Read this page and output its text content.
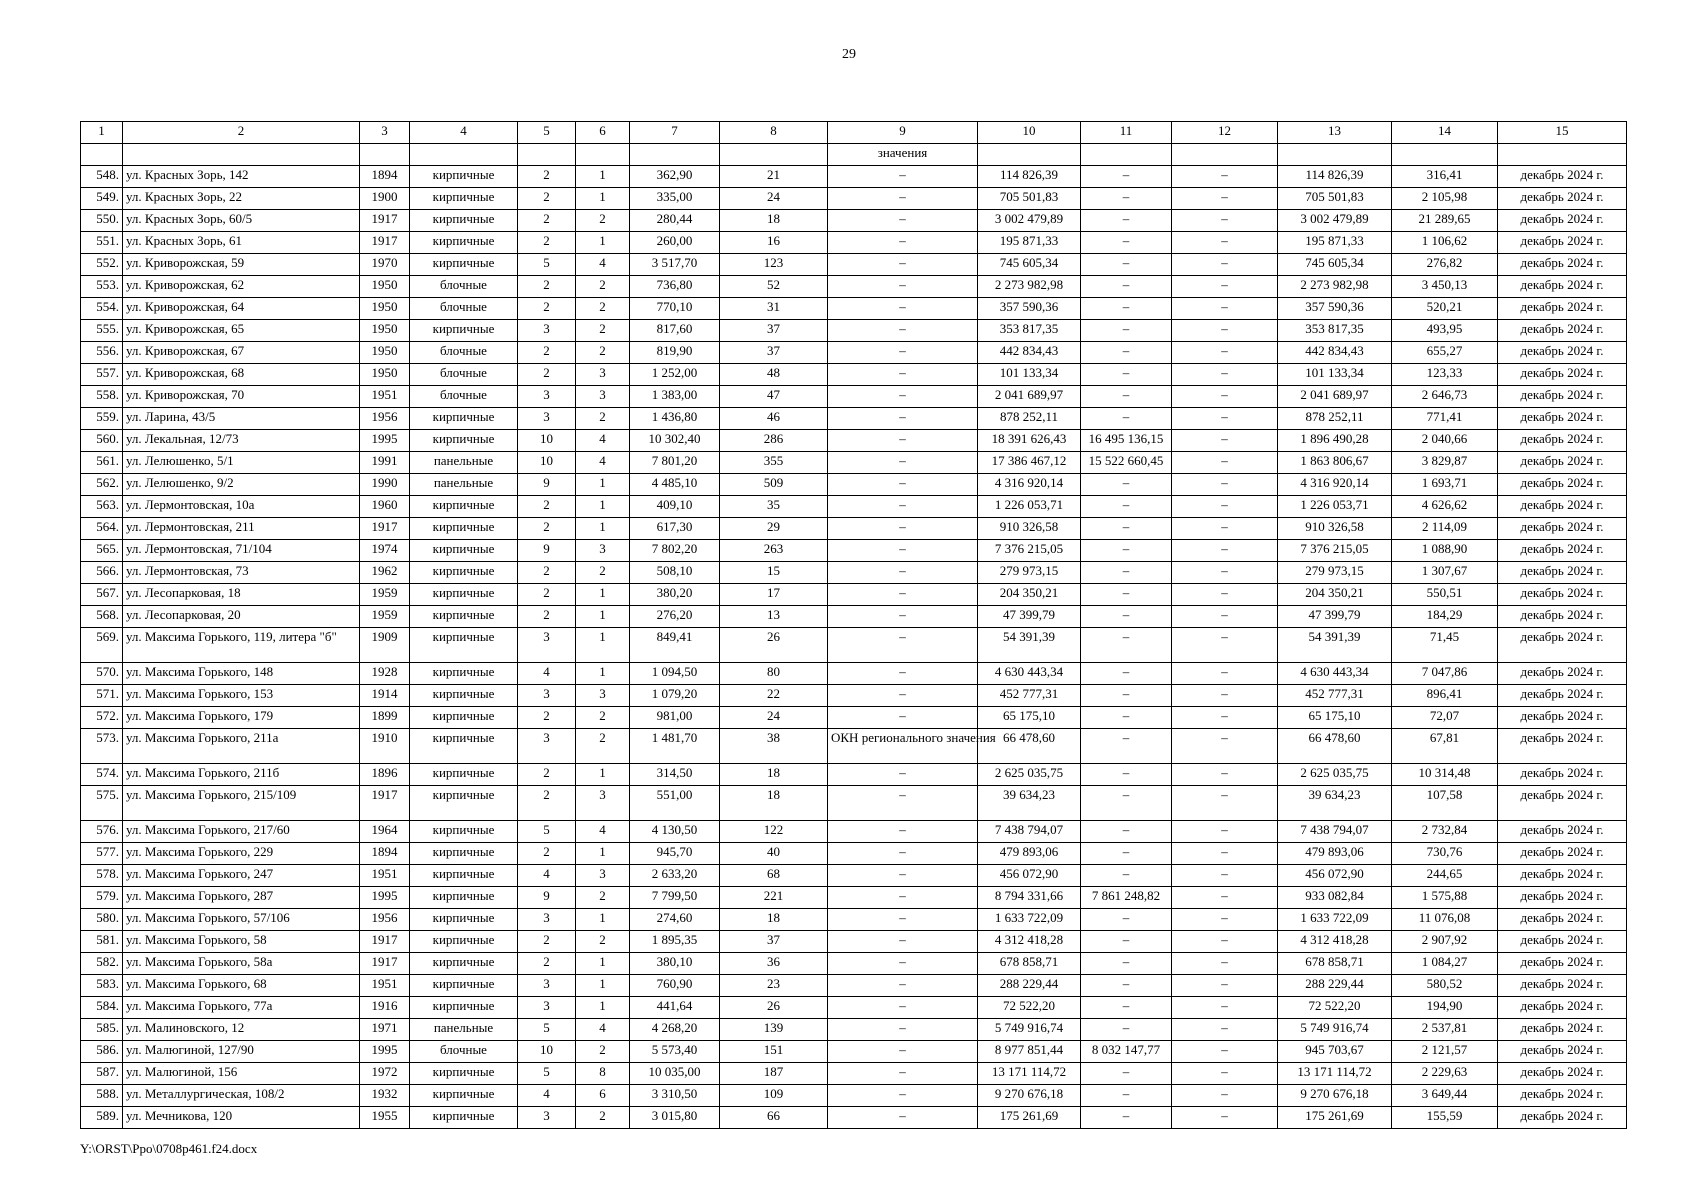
29
1	2	3	4	5	6	7	8	9	10	11	12	13	14	15
								значения						
548.	ул. Красных Зорь, 142	1894	кирпичные	2	1	362,90	21	–	114 826,39	–	–	114 826,39	316,41	декабрь 2024 г.
549.	ул. Красных Зорь, 22	1900	кирпичные	2	1	335,00	24	–	705 501,83	–	–	705 501,83	2 105,98	декабрь 2024 г.
550.	ул. Красных Зорь, 60/5	1917	кирпичные	2	2	280,44	18	–	3 002 479,89	–	–	3 002 479,89	21 289,65	декабрь 2024 г.
551.	ул. Красных Зорь, 61	1917	кирпичные	2	1	260,00	16	–	195 871,33	–	–	195 871,33	1 106,62	декабрь 2024 г.
552.	ул. Криворожская, 59	1970	кирпичные	5	4	3 517,70	123	–	745 605,34	–	–	745 605,34	276,82	декабрь 2024 г.
553.	ул. Криворожская, 62	1950	блочные	2	2	736,80	52	–	2 273 982,98	–	–	2 273 982,98	3 450,13	декабрь 2024 г.
554.	ул. Криворожская, 64	1950	блочные	2	2	770,10	31	–	357 590,36	–	–	357 590,36	520,21	декабрь 2024 г.
555.	ул. Криворожская, 65	1950	кирпичные	3	2	817,60	37	–	353 817,35	–	–	353 817,35	493,95	декабрь 2024 г.
556.	ул. Криворожская, 67	1950	блочные	2	2	819,90	37	–	442 834,43	–	–	442 834,43	655,27	декабрь 2024 г.
557.	ул. Криворожская, 68	1950	блочные	2	3	1 252,00	48	–	101 133,34	–	–	101 133,34	123,33	декабрь 2024 г.
558.	ул. Криворожская, 70	1951	блочные	3	3	1 383,00	47	–	2 041 689,97	–	–	2 041 689,97	2 646,73	декабрь 2024 г.
559.	ул. Ларина, 43/5	1956	кирпичные	3	2	1 436,80	46	–	878 252,11	–	–	878 252,11	771,41	декабрь 2024 г.
560.	ул. Лекальная, 12/73	1995	кирпичные	10	4	10 302,40	286	–	18 391 626,43	16 495 136,15	–	1 896 490,28	2 040,66	декабрь 2024 г.
561.	ул. Лелюшенко, 5/1	1991	панельные	10	4	7 801,20	355	–	17 386 467,12	15 522 660,45	–	1 863 806,67	3 829,87	декабрь 2024 г.
562.	ул. Лелюшенко, 9/2	1990	панельные	9	1	4 485,10	509	–	4 316 920,14	–	–	4 316 920,14	1 693,71	декабрь 2024 г.
563.	ул. Лермонтовская, 10а	1960	кирпичные	2	1	409,10	35	–	1 226 053,71	–	–	1 226 053,71	4 626,62	декабрь 2024 г.
564.	ул. Лермонтовская, 211	1917	кирпичные	2	1	617,30	29	–	910 326,58	–	–	910 326,58	2 114,09	декабрь 2024 г.
565.	ул. Лермонтовская, 71/104	1974	кирпичные	9	3	7 802,20	263	–	7 376 215,05	–	–	7 376 215,05	1 088,90	декабрь 2024 г.
566.	ул. Лермонтовская, 73	1962	кирпичные	2	2	508,10	15	–	279 973,15	–	–	279 973,15	1 307,67	декабрь 2024 г.
567.	ул. Лесопарковая, 18	1959	кирпичные	2	1	380,20	17	–	204 350,21	–	–	204 350,21	550,51	декабрь 2024 г.
568.	ул. Лесопарковая, 20	1959	кирпичные	2	1	276,20	13	–	47 399,79	–	–	47 399,79	184,29	декабрь 2024 г.
569.	ул. Максима Горького, 119, литера "б"	1909	кирпичные	3	1	849,41	26	–	54 391,39	–	–	54 391,39	71,45	декабрь 2024 г.
570.	ул. Максима Горького, 148	1928	кирпичные	4	1	1 094,50	80	–	4 630 443,34	–	–	4 630 443,34	7 047,86	декабрь 2024 г.
571.	ул. Максима Горького, 153	1914	кирпичные	3	3	1 079,20	22	–	452 777,31	–	–	452 777,31	896,41	декабрь 2024 г.
572.	ул. Максима Горького, 179	1899	кирпичные	2	2	981,00	24	–	65 175,10	–	–	65 175,10	72,07	декабрь 2024 г.
573.	ул. Максима Горького, 211а	1910	кирпичные	3	2	1 481,70	38	ОКН регионального значения	66 478,60	–	–	66 478,60	67,81	декабрь 2024 г.
574.	ул. Максима Горького, 211б	1896	кирпичные	2	1	314,50	18	–	2 625 035,75	–	–	2 625 035,75	10 314,48	декабрь 2024 г.
575.	ул. Максима Горького, 215/109	1917	кирпичные	2	3	551,00	18	–	39 634,23	–	–	39 634,23	107,58	декабрь 2024 г.
576.	ул. Максима Горького, 217/60	1964	кирпичные	5	4	4 130,50	122	–	7 438 794,07	–	–	7 438 794,07	2 732,84	декабрь 2024 г.
577.	ул. Максима Горького, 229	1894	кирпичные	2	1	945,70	40	–	479 893,06	–	–	479 893,06	730,76	декабрь 2024 г.
578.	ул. Максима Горького, 247	1951	кирпичные	4	3	2 633,20	68	–	456 072,90	–	–	456 072,90	244,65	декабрь 2024 г.
579.	ул. Максима Горького, 287	1995	кирпичные	9	2	7 799,50	221	–	8 794 331,66	7 861 248,82	–	933 082,84	1 575,88	декабрь 2024 г.
580.	ул. Максима Горького, 57/106	1956	кирпичные	3	1	274,60	18	–	1 633 722,09	–	–	1 633 722,09	11 076,08	декабрь 2024 г.
581.	ул. Максима Горького, 58	1917	кирпичные	2	2	1 895,35	37	–	4 312 418,28	–	–	4 312 418,28	2 907,92	декабрь 2024 г.
582.	ул. Максима Горького, 58а	1917	кирпичные	2	1	380,10	36	–	678 858,71	–	–	678 858,71	1 084,27	декабрь 2024 г.
583.	ул. Максима Горького, 68	1951	кирпичные	3	1	760,90	23	–	288 229,44	–	–	288 229,44	580,52	декабрь 2024 г.
584.	ул. Максима Горького, 77а	1916	кирпичные	3	1	441,64	26	–	72 522,20	–	–	72 522,20	194,90	декабрь 2024 г.
585.	ул. Малиновского, 12	1971	панельные	5	4	4 268,20	139	–	5 749 916,74	–	–	5 749 916,74	2 537,81	декабрь 2024 г.
586.	ул. Малюгиной, 127/90	1995	блочные	10	2	5 573,40	151	–	8 977 851,44	8 032 147,77	–	945 703,67	2 121,57	декабрь 2024 г.
587.	ул. Малюгиной, 156	1972	кирпичные	5	8	10 035,00	187	–	13 171 114,72	–	–	13 171 114,72	2 229,63	декабрь 2024 г.
588.	ул. Металлургическая, 108/2	1932	кирпичные	4	6	3 310,50	109	–	9 270 676,18	–	–	9 270 676,18	3 649,44	декабрь 2024 г.
589.	ул. Мечникова, 120	1955	кирпичные	3	2	3 015,80	66	–	175 261,69	–	–	175 261,69	155,59	декабрь 2024 г.
Y:\ORST\Ppo\0708p461.f24.docx
